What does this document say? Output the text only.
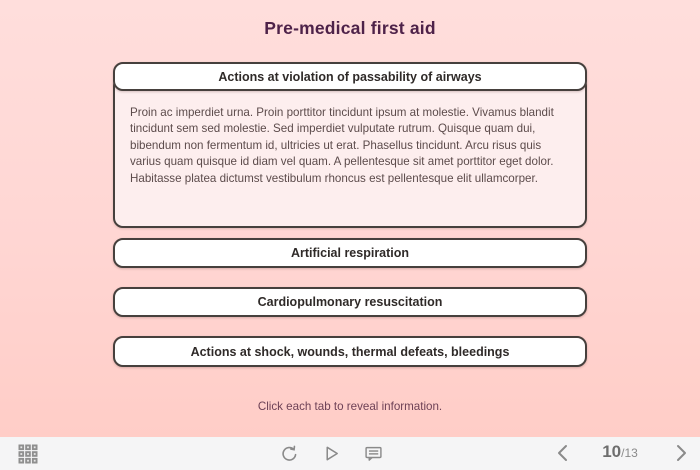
Pre-medical first aid

Proin ac imperdiet urna. Proin porttitor tincidunt ipsum at molestie. Vivamus blandit tincidunt sem sed molestie. Sed imperdiet vulputate rutrum. Quisque quam dui, bibendum non fermentum id, ultricies ut erat. Phasellus tincidunt. Arcu risus quis varius quam quisque id diam vel quam. A pellentesque sit amet porttitor eget dolor. Habitasse platea dictumst vestibulum rhoncus est pellentesque elit ullamcorper.

Actions at violation of passability of airways
Artificial respiration
Cardiopulmonary resuscitation
Actions at shock, wounds, thermal defeats, bleedings

Click each tab to reveal information.

10/13
